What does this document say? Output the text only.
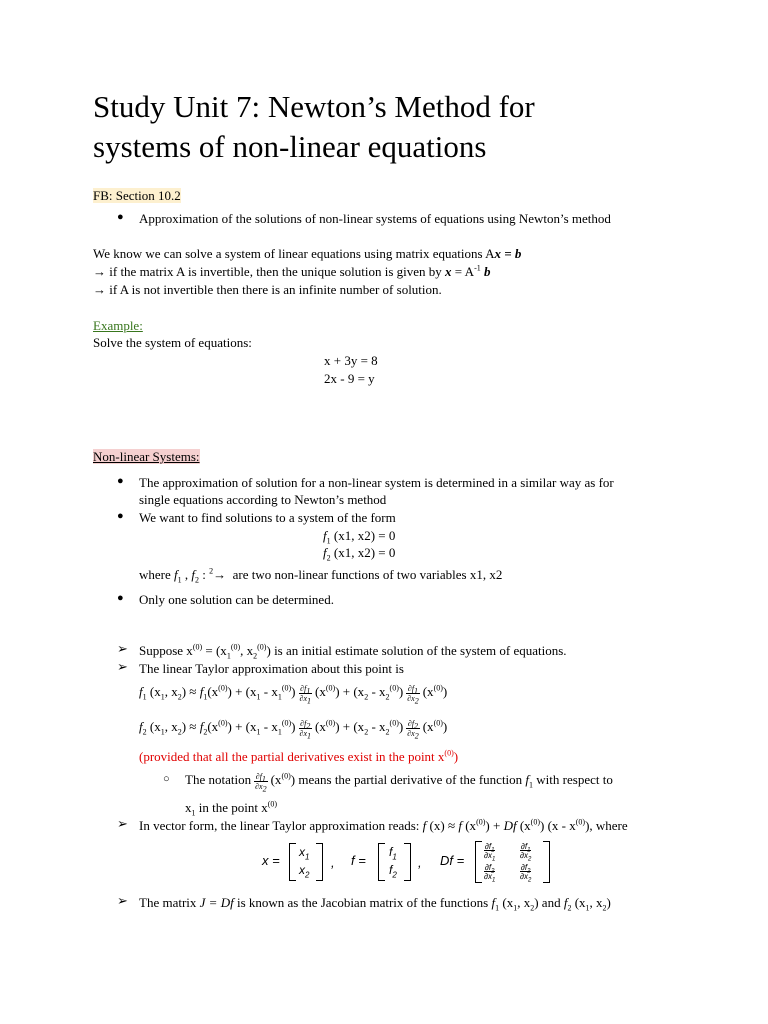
Study Unit 7: Newton’s Method for
systems of non-linear equations
FB: Section 10.2
● Approximation of the solutions of non-linear systems of equations using Newton’s method
We know we can solve a system of linear equations using matrix equations Ax = b
→ if the matrix A is invertible, then the unique solution is given by $x = A^{-1}$ b
→ if A is not invertible then there is an infinite number of solution.
Example:
Solve the system of equations:
x + 3y = 8
2x - 9 = y
Non-linear Systems:
● The approximation of solution for a non-linear system is determined in a similar way as for
single equations according to Newton’s method
● We want to find solutions to a system of the form
$f_1$ (x1, x2) = 0
$f_2$ (x1, x2) = 0
where $f_1$ , $f_2$ : $^2$→  are two non-linear functions of two variables x1, x2
● Only one solution can be determined.
➢ Suppose $x^{(0)} = (x_1^{(0)}$, $x_2^{(0)}$) is an initial estimate solution of the system of equations.
➢ The linear Taylor approximation about this point is
$f_1$ ($x_1$, $x_2) \approx f_1(x^{(0)}) + (x_1 - x_1^{(0)}) \frac{\partial f_1}{\partial x_1} (x^{(0)}) + (x_2 - x_2^{(0)}) \frac{\partial f_1}{\partial x_2} (x^{(0)})$
$f_2$ ($x_1$, $x_2) \approx f_2(x^{(0)}) + (x_1 - x_1^{(0)}) \frac{\partial f_2}{\partial x_1} (x^{(0)}) + (x_2 - x_2^{(0)}) \frac{\partial f_2}{\partial x_2} (x^{(0)})$
(provided that all the partial derivatives exist in the point $x^{(0)}$)
○ The notation $\frac{\partial f_1}{\partial x_2} (x^{(0)})$ means the partial derivative of the function $f_1$ with respect to
$x_1$ in the point $x^{(0)}$
➢ In vector form, the linear Taylor approximation reads: f (x) ≈ f $(x^{(0)}) + Df$ $(x^{(0)})$ $(x - x^{(0)})$, where
x =
$x_1$
$x_2$
, f =
$f_1$
$f_2$
, Df =
$\partial f_1$
$\partial x_1$
$\partial f_1$
$\partial x_2$
$\partial f_2$
$\partial x_1$
$\partial f_2$
$\partial x_2$
➢ The matrix J = Df is known as the Jacobian matrix of the functions $f_1$ ($x_1$, $x_2$) and $f_2$ ($x_1$, $x_2$)
